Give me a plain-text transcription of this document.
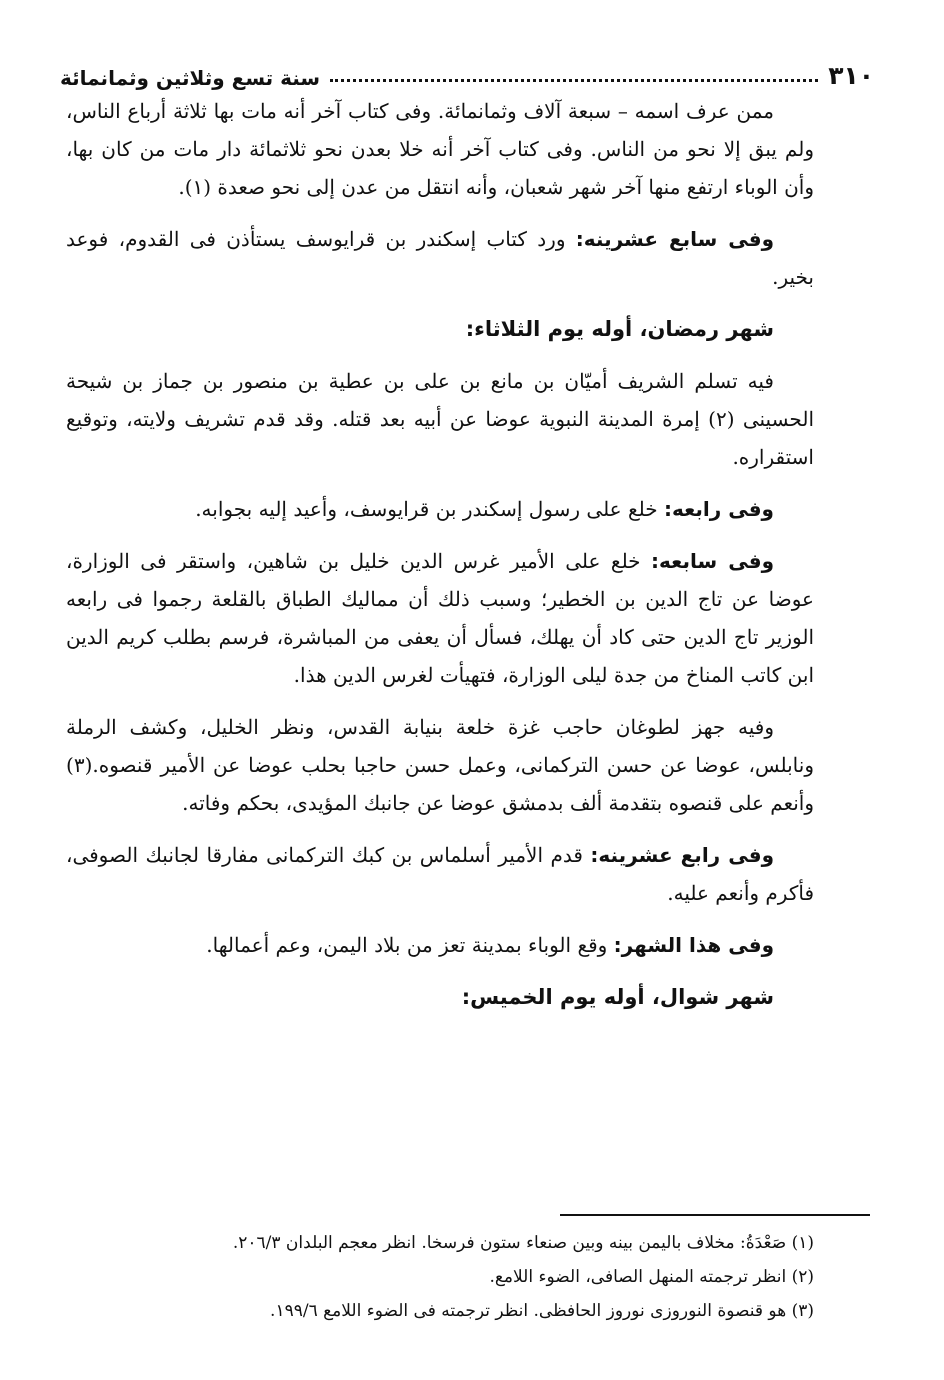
٣١٠
سنة تسع وثلاثين وثمانمائة

ممن عرف اسمه – سبعة آلاف وثمانمائة. وفى كتاب آخر أنه مات بها ثلاثة أرباع الناس، ولم يبق إلا نحو من الناس. وفى كتاب آخر أنه خلا بعدن نحو ثلاثمائة دار مات من كان بها، وأن الوباء ارتفع منها آخر شهر شعبان، وأنه انتقل من عدن إلى نحو صعدة (١).

وفى سابع عشرينه: ورد كتاب إسكندر بن قرايوسف يستأذن فى القدوم، فوعد بخير.

شهر رمضان، أوله يوم الثلاثاء:

فيه تسلم الشريف أميّان بن مانع بن على بن عطية بن منصور بن جماز بن شيحة الحسينى (٢) إمرة المدينة النبوية عوضا عن أبيه بعد قتله. وقد قدم تشريف ولايته، وتوقيع استقراره.

وفى رابعه: خلع على رسول إسكندر بن قرايوسف، وأعيد إليه بجوابه.

وفى سابعه: خلع على الأمير غرس الدين خليل بن شاهين، واستقر فى الوزارة، عوضا عن تاج الدين بن الخطير؛ وسبب ذلك أن مماليك الطباق بالقلعة رجموا فى رابعه الوزير تاج الدين حتى كاد أن يهلك، فسأل أن يعفى من المباشرة، فرسم بطلب كريم الدين ابن كاتب المناخ من جدة ليلى الوزارة، فتهيأت لغرس الدين هذا.

وفيه جهز لطوغان حاجب غزة خلعة بنيابة القدس، ونظر الخليل، وكشف الرملة ونابلس، عوضا عن حسن التركمانى، وعمل حسن حاجبا بحلب عوضا عن الأمير قنصوه.(٣) وأنعم على قنصوه بتقدمة ألف بدمشق عوضا عن جانبك المؤيدى، بحكم وفاته.

وفى رابع عشرينه: قدم الأمير أسلماس بن كبك التركمانى مفارقا لجانبك الصوفى، فأكرم وأنعم عليه.

وفى هذا الشهر: وقع الوباء بمدينة تعز من بلاد اليمن، وعم أعمالها.

شهر شوال، أوله يوم الخميس:
(١) صَعْدَةُ: مخلاف باليمن بينه وبين صنعاء ستون فرسخا. انظر معجم البلدان ٢٠٦/٣.
(٢) انظر ترجمته المنهل الصافى، الضوء اللامع.
(٣) هو قنصوة النوروزى نوروز الحافظى. انظر ترجمته فى الضوء اللامع ١٩٩/٦.
